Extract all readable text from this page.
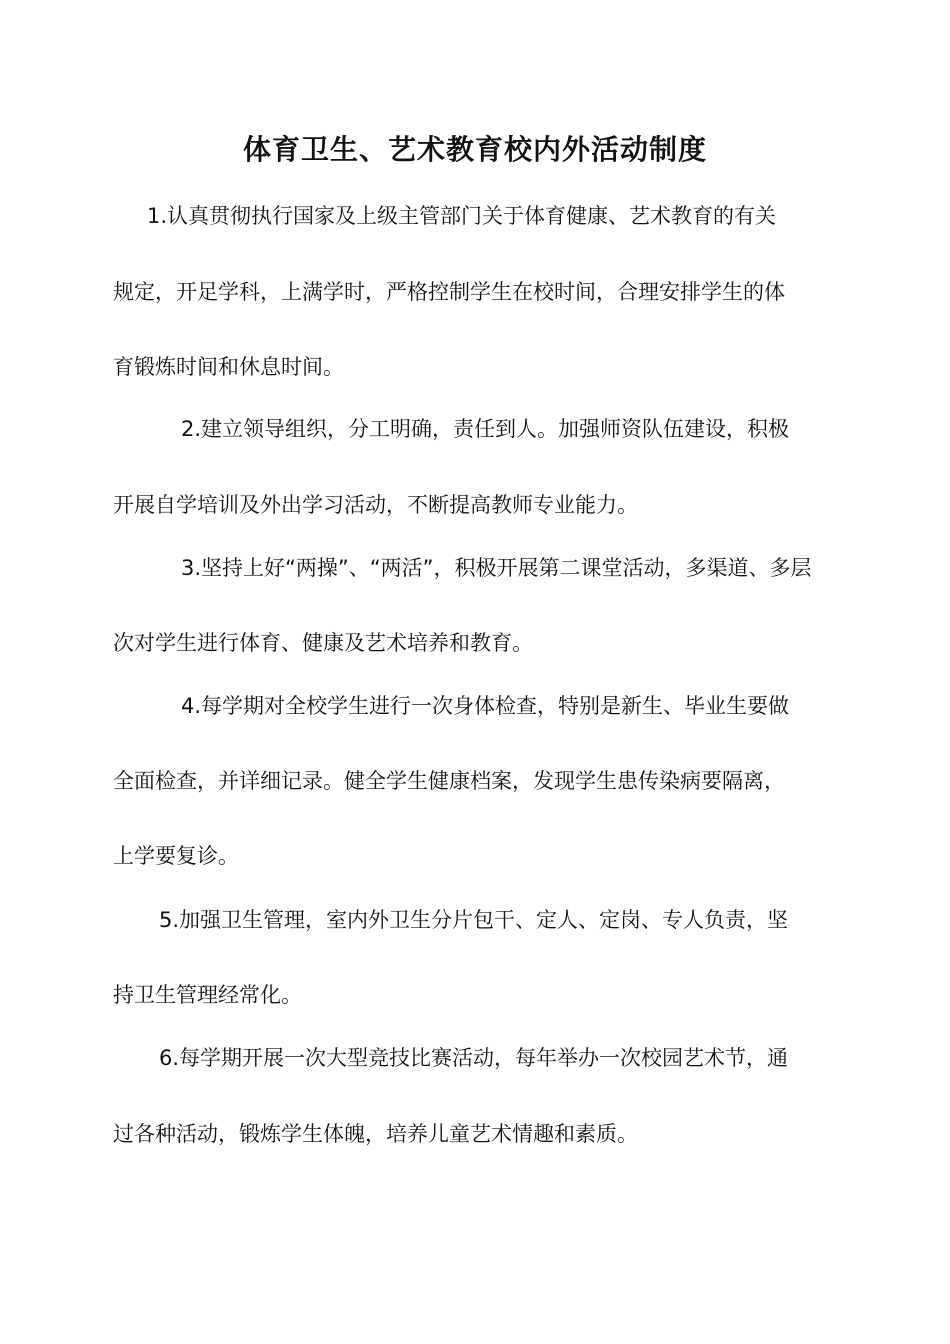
体育卫生、艺术教育校内外活动制度
1.认真贯彻执行国家及上级主管部门关于体育健康、艺术教育的有关
规定，开足学科，上满学时，严格控制学生在校时间，合理安排学生的体
育锻炼时间和休息时间。
2.建立领导组织，分工明确，责任到人。加强师资队伍建设，积极
开展自学培训及外出学习活动，不断提高教师专业能力。
3.坚持上好“两操”、“两活”，积极开展第二课堂活动，多渠道、多层
次对学生进行体育、健康及艺术培养和教育。
4.每学期对全校学生进行一次身体检查，特别是新生、毕业生要做
全面检查，并详细记录。健全学生健康档案，发现学生患传染病要隔离，
上学要复诊。
5.加强卫生管理，室内外卫生分片包干、定人、定岗、专人负责，坚
持卫生管理经常化。
6.每学期开展一次大型竞技比赛活动，每年举办一次校园艺术节，通
过各种活动，锻炼学生体魄，培养儿童艺术情趣和素质。
